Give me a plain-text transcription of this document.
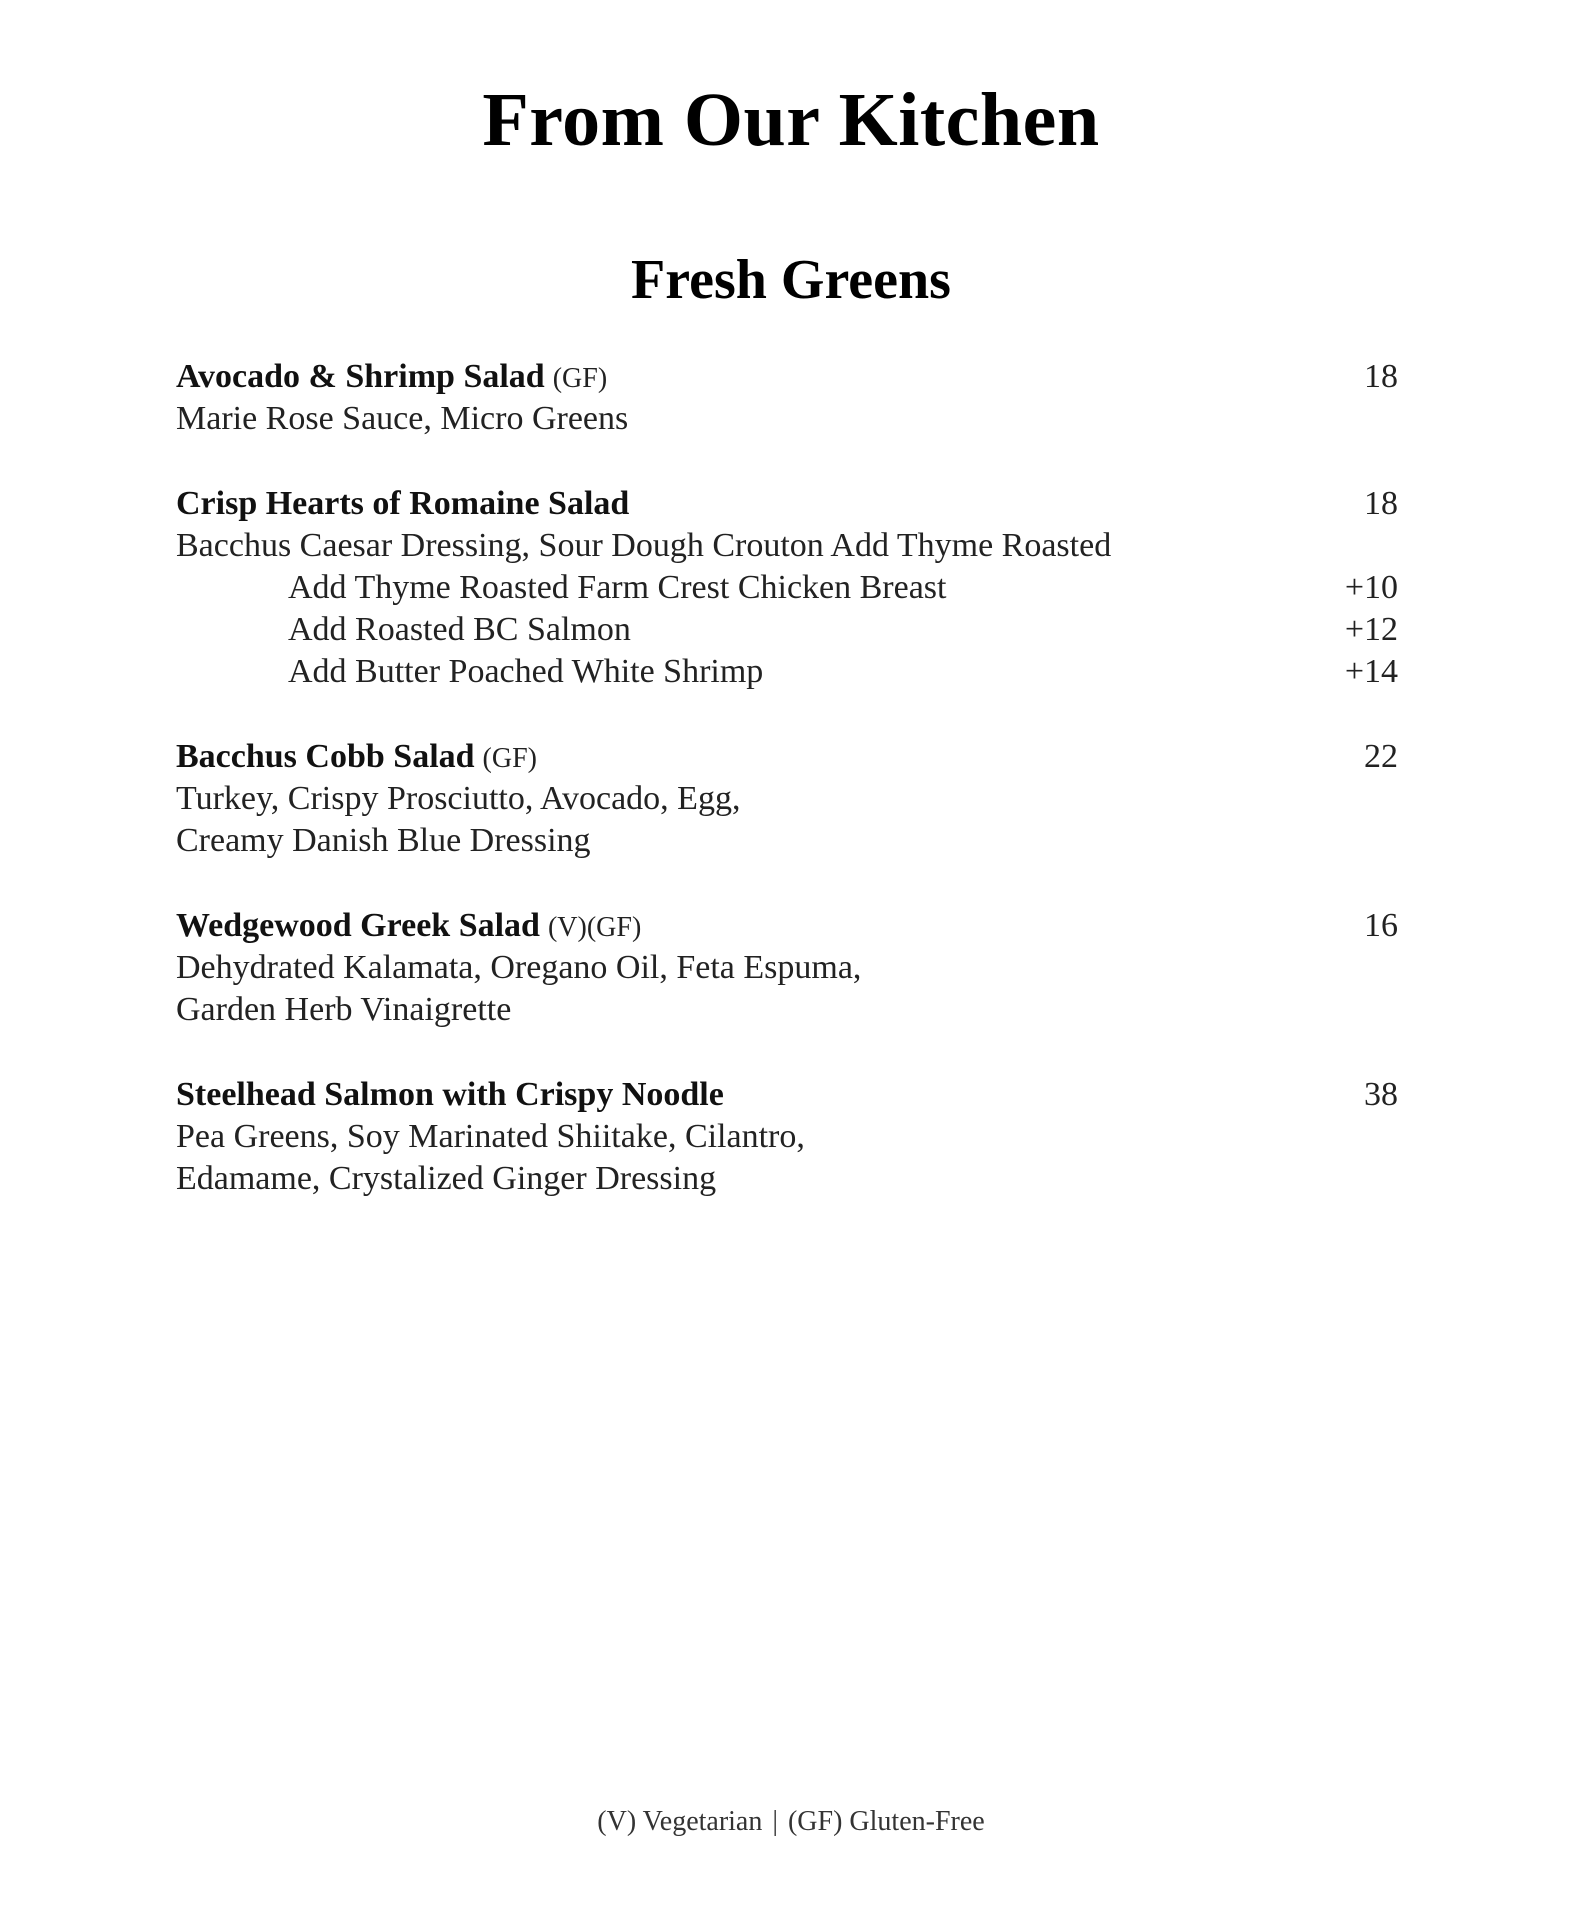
From Our Kitchen
Fresh Greens
Avocado & Shrimp Salad (GF)	18
Marie Rose Sauce, Micro Greens
Crisp Hearts of Romaine Salad	18
Bacchus Caesar Dressing, Sour Dough Crouton Add Thyme Roasted
Add Thyme Roasted Farm Crest Chicken Breast	+10
Add Roasted BC Salmon	+12
Add Butter Poached White Shrimp	+14
Bacchus Cobb Salad (GF)	22
Turkey, Crispy Prosciutto, Avocado, Egg,
Creamy Danish Blue Dressing
Wedgewood Greek Salad (V)(GF)	16
Dehydrated Kalamata, Oregano Oil, Feta Espuma,
Garden Herb Vinaigrette
Steelhead Salmon with Crispy Noodle	38
Pea Greens, Soy Marinated Shiitake, Cilantro,
Edamame, Crystalized Ginger Dressing
(V) Vegetarian | (GF) Gluten-Free
